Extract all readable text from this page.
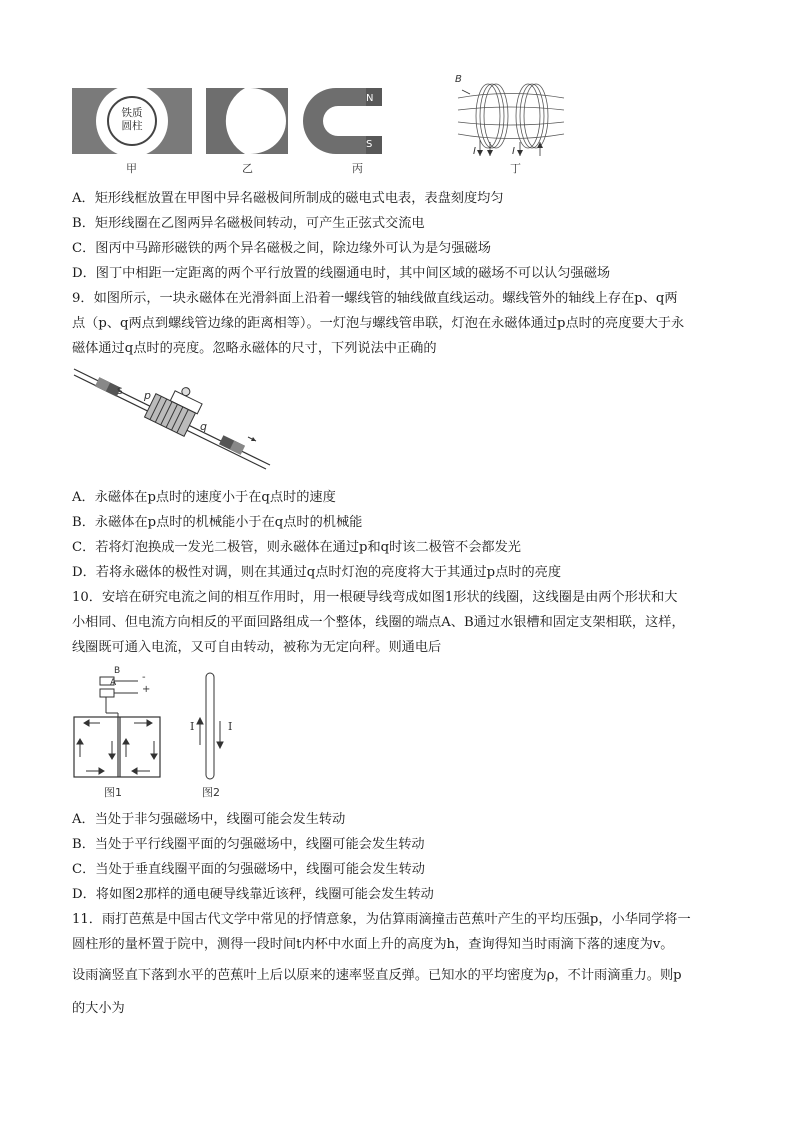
铁质
圆柱
甲	乙	丙	丁
N
S
B
I	I
A．矩形线框放置在甲图中异名磁极间所制成的磁电式电表，表盘刻度均匀
B．矩形线圈在乙图两异名磁极间转动，可产生正弦式交流电
C．图丙中马蹄形磁铁的两个异名磁极之间，除边缘外可认为是匀强磁场
D．图丁中相距一定距离的两个平行放置的线圈通电时，其中间区域的磁场不可以认匀强磁场
9．如图所示，一块永磁体在光滑斜面上沿着一螺线管的轴线做直线运动。螺线管外的轴线上存在p、q两
点（p、q两点到螺线管边缘的距离相等）。一灯泡与螺线管串联，灯泡在永磁体通过p点时的亮度要大于永
磁体通过q点时的亮度。忽略永磁体的尺寸，下列说法中正确的
S p
q
A．永磁体在p点时的速度小于在q点时的速度
B．永磁体在p点时的机械能小于在q点时的机械能
C．若将灯泡换成一发光二极管，则永磁体在通过p和q时该二极管不会都发光
D．若将永磁体的极性对调，则在其通过q点时灯泡的亮度将大于其通过p点时的亮度
10．安培在研究电流之间的相互作用时，用一根硬导线弯成如图1形状的线圈，这线圈是由两个形状和大
小相同、但电流方向相反的平面回路组成一个整体，线圈的端点A、B通过水银槽和固定支架相联，这样，
线圈既可通入电流，又可自由转动，被称为无定向秤。则通电后
B
A	-
+
I	I
图1	图2
A．当处于非匀强磁场中，线圈可能会发生转动
B．当处于平行线圈平面的匀强磁场中，线圈可能会发生转动
C．当处于垂直线圈平面的匀强磁场中，线圈可能会发生转动
D．将如图2那样的通电硬导线靠近该秤，线圈可能会发生转动
11．雨打芭蕉是中国古代文学中常见的抒情意象，为估算雨滴撞击芭蕉叶产生的平均压强p，小华同学将一
圆柱形的量杯置于院中，测得一段时间t内杯中水面上升的高度为h，查询得知当时雨滴下落的速度为v。
设雨滴竖直下落到水平的芭蕉叶上后以原来的速率竖直反弹。已知水的平均密度为ρ，不计雨滴重力。则p
的大小为
